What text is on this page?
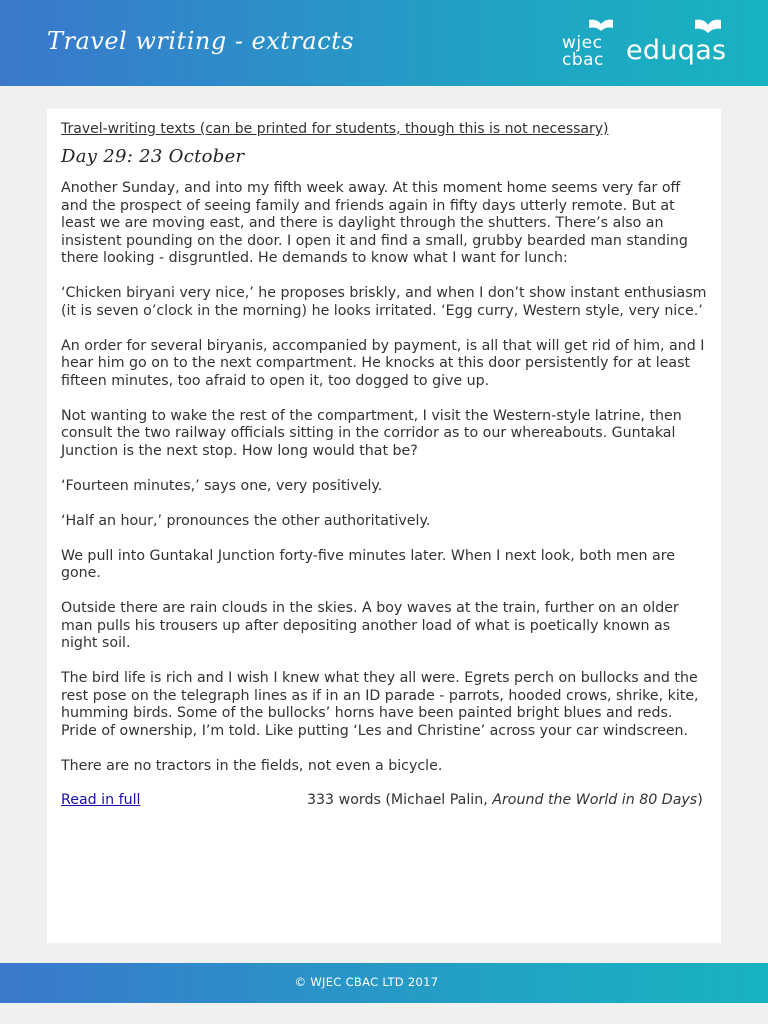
Travel writing - extracts	wjec
cbac eduqas
Travel-writing texts (can be printed for students, though this is not necessary)
Day 29: 23 October

Another Sunday, and into my fifth week away. At this moment home seems very far off and the prospect of seeing family and friends again in fifty days utterly remote. But at least we are moving east, and there is daylight through the shutters. There’s also an insistent pounding on the door. I open it and find a small, grubby bearded man standing there looking - disgruntled. He demands to know what I want for lunch:

‘Chicken biryani very nice,’ he proposes briskly, and when I don’t show instant enthusiasm (it is seven o’clock in the morning) he looks irritated. ‘Egg curry, Western style, very nice.’

An order for several biryanis, accompanied by payment, is all that will get rid of him, and I hear him go on to the next compartment. He knocks at this door persistently for at least fifteen minutes, too afraid to open it, too dogged to give up.

Not wanting to wake the rest of the compartment, I visit the Western-style latrine, then consult the two railway officials sitting in the corridor as to our whereabouts. Guntakal Junction is the next stop. How long would that be?

‘Fourteen minutes,’ says one, very positively.

‘Half an hour,’ pronounces the other authoritatively.

We pull into Guntakal Junction forty-five minutes later. When I next look, both men are gone.

Outside there are rain clouds in the skies. A boy waves at the train, further on an older man pulls his trousers up after depositing another load of what is poetically known as night soil.

The bird life is rich and I wish I knew what they all were. Egrets perch on bullocks and the rest pose on the telegraph lines as if in an ID parade - parrots, hooded crows, shrike, kite, humming birds. Some of the bullocks’ horns have been painted bright blues and reds. Pride of ownership, I’m told. Like putting ‘Les and Christine’ across your car windscreen.

There are no tractors in the fields, not even a bicycle.

Read in full	333 words (Michael Palin, Around the World in 80 Days)
© WJEC CBAC LTD 2017
